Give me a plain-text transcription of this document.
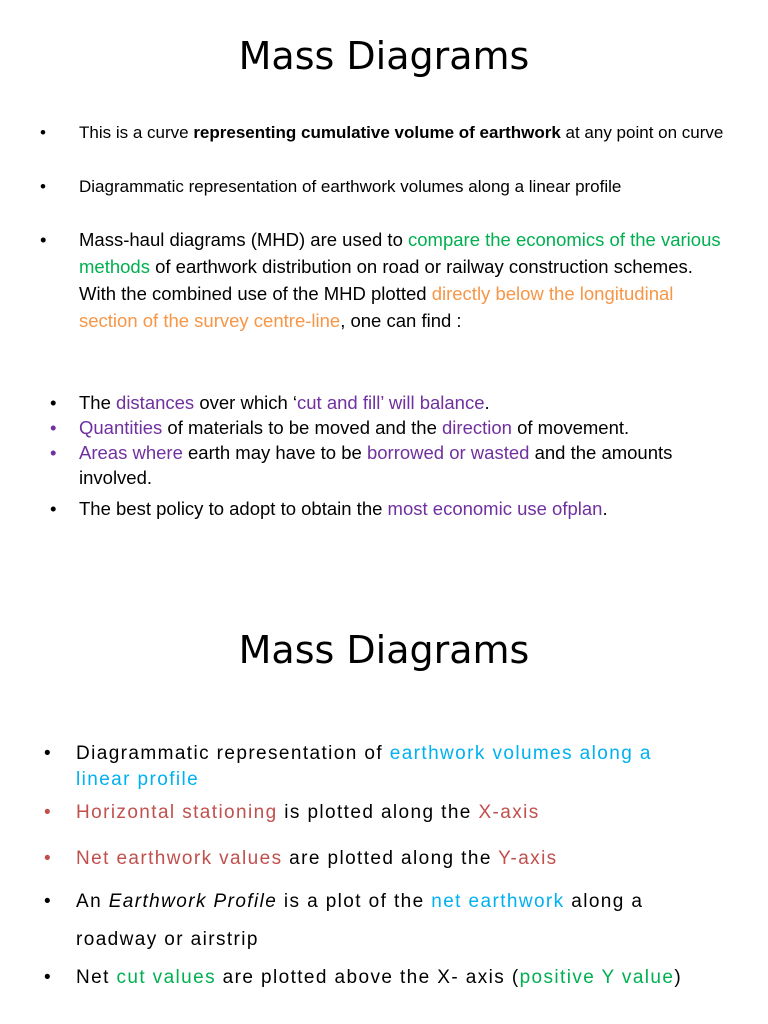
Mass Diagrams
•	This is a curve representing cumulative volume of earthwork at any point on curve
•	Diagrammatic representation of earthwork volumes along a linear profile
• Mass-haul diagrams (MHD) are used to compare the economics of the various methods of earthwork distribution on road or railway construction schemes. With the combined use of the MHD plotted directly below the longitudinal section of the survey centre-line, one can find :
• The distances over which ‘cut and fill’ will balance.
• Quantities of materials to be moved and the direction of movement.
• Areas where earth may have to be borrowed or wasted and the amounts involved.
• The best policy to adopt to obtain the most economic use ofplan.
Mass Diagrams
• Diagrammatic representation of earthwork volumes along a linear profile
• Horizontal stationing is plotted along the X-axis
• Net earthwork values are plotted along the Y-axis
• An Earthwork Profile is a plot of the net earthwork along a roadway or airstrip
• Net cut values are plotted above the X- axis (positive Y value)
